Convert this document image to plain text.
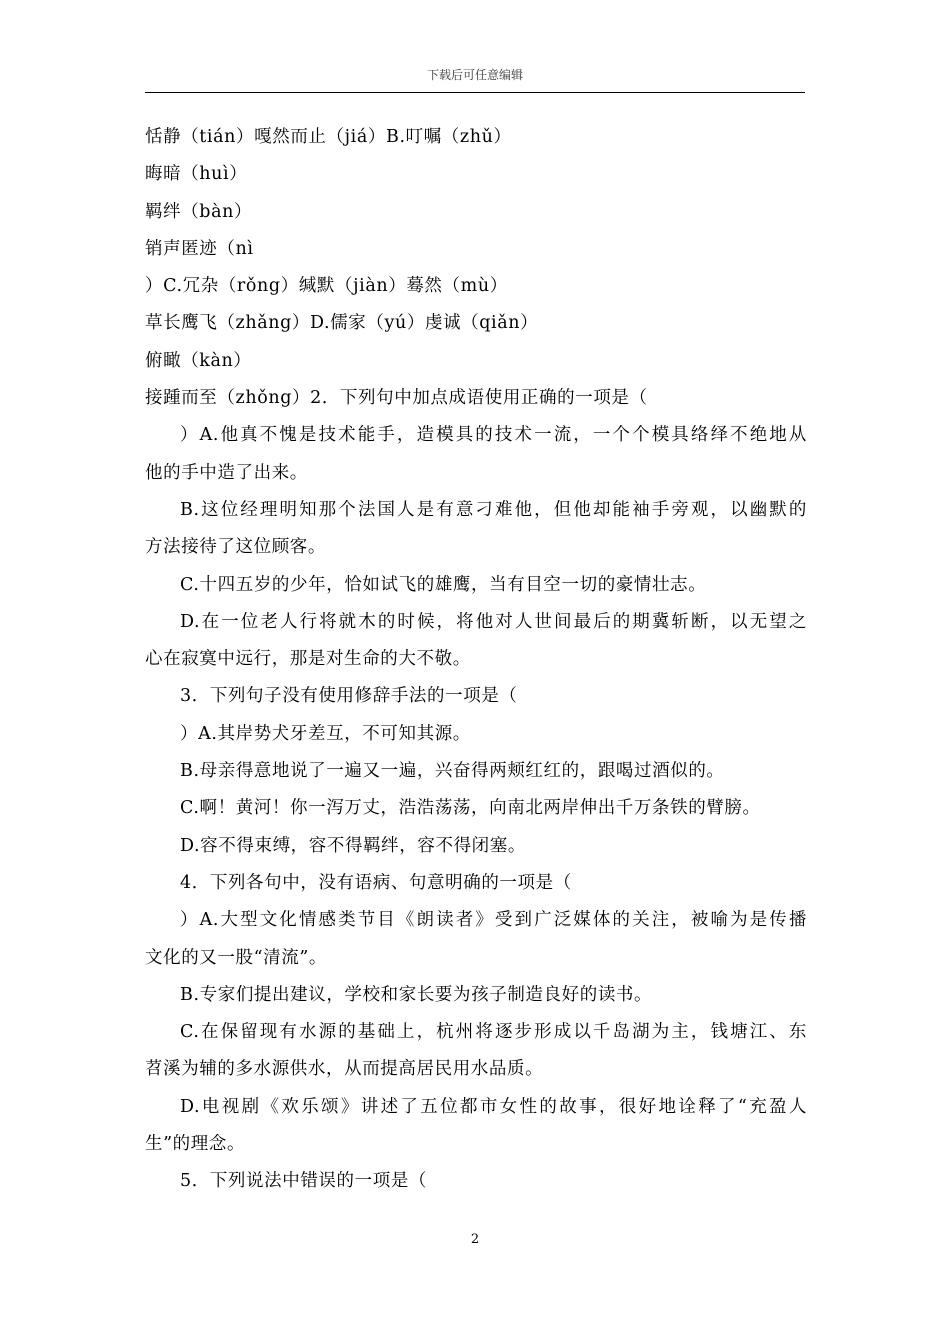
下载后可任意编辑
恬静（tián）嘎然而止（jiá）B.叮嘱（zhǔ）
晦暗（huì）
羁绊（bàn）
销声匿迹（nì
）C.冗杂（rǒng）缄默（jiàn）蓦然（mù）
草长鹰飞（zhǎng）D.儒家（yú）虔诚（qiǎn）
俯瞰（kàn）
接踵而至（zhǒng）2．下列句中加点成语使用正确的一项是（
）A.他真不愧是技术能手，造模具的技术一流，一个个模具络绎不绝地从
他的手中造了出来。
B.这位经理明知那个法国人是有意刁难他，但他却能袖手旁观，以幽默的
方法接待了这位顾客。
C.十四五岁的少年，恰如试飞的雄鹰，当有目空一切的豪情壮志。
D.在一位老人行将就木的时候，将他对人世间最后的期冀斩断，以无望之
心在寂寞中远行，那是对生命的大不敬。
3．下列句子没有使用修辞手法的一项是（
）A.其岸势犬牙差互，不可知其源。
B.母亲得意地说了一遍又一遍，兴奋得两颊红红的，跟喝过酒似的。
C.啊！黄河！你一泻万丈，浩浩荡荡，向南北两岸伸出千万条铁的臂膀。
D.容不得束缚，容不得羁绊，容不得闭塞。
4．下列各句中，没有语病、句意明确的一项是（
）A.大型文化情感类节目《朗读者》受到广泛媒体的关注，被喻为是传播
文化的又一股“清流”。
B.专家们提出建议，学校和家长要为孩子制造良好的读书。
C.在保留现有水源的基础上，杭州将逐步形成以千岛湖为主，钱塘江、东
苕溪为辅的多水源供水，从而提高居民用水品质。
D.电视剧《欢乐颂》讲述了五位都市女性的故事，很好地诠释了“充盈人
生”的理念。
5．下列说法中错误的一项是（
2
